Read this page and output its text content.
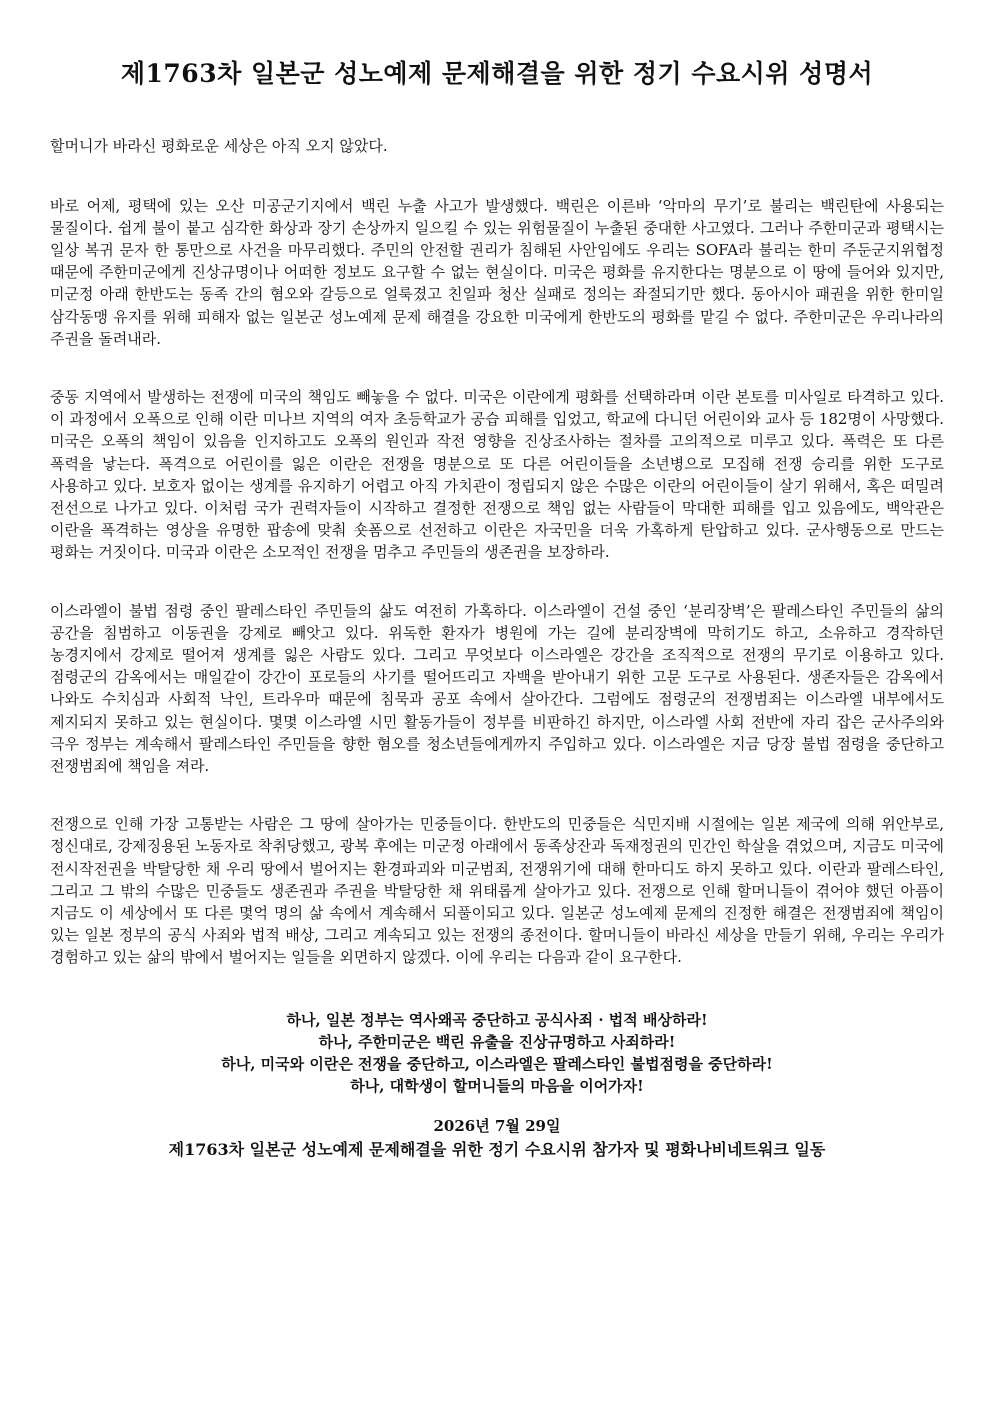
제1763차 일본군 성노예제 문제해결을 위한 정기 수요시위 성명서

할머니가 바라신 평화로운 세상은 아직 오지 않았다.

바로 어제, 평택에 있는 오산 미공군기지에서 백린 누출 사고가 발생했다. 백린은 이른바 ‘악마의 무기’로 불리는 백린탄에 사용되는 물질이다. 쉽게 불이 붙고 심각한 화상과 장기 손상까지 일으킬 수 있는 위험물질이 누출된 중대한 사고였다. 그러나 주한미군과 평택시는 일상 복귀 문자 한 통만으로 사건을 마무리했다. 주민의 안전할 권리가 침해된 사안임에도 우리는 SOFA라 불리는 한미 주둔군지위협정 때문에 주한미군에게 진상규명이나 어떠한 정보도 요구할 수 없는 현실이다. 미국은 평화를 유지한다는 명분으로 이 땅에 들어와 있지만, 미군정 아래 한반도는 동족 간의 혐오와 갈등으로 얼룩졌고 친일파 청산 실패로 정의는 좌절되기만 했다. 동아시아 패권을 위한 한미일 삼각동맹 유지를 위해 피해자 없는 일본군 성노예제 문제 해결을 강요한 미국에게 한반도의 평화를 맡길 수 없다. 주한미군은 우리나라의 주권을 돌려내라.

중동 지역에서 발생하는 전쟁에 미국의 책임도 빼놓을 수 없다. 미국은 이란에게 평화를 선택하라며 이란 본토를 미사일로 타격하고 있다. 이 과정에서 오폭으로 인해 이란 미나브 지역의 여자 초등학교가 공습 피해를 입었고, 학교에 다니던 어린이와 교사 등 182명이 사망했다. 미국은 오폭의 책임이 있음을 인지하고도 오폭의 원인과 작전 영향을 진상조사하는 절차를 고의적으로 미루고 있다. 폭력은 또 다른 폭력을 낳는다. 폭격으로 어린이를 잃은 이란은 전쟁을 명분으로 또 다른 어린이들을 소년병으로 모집해 전쟁 승리를 위한 도구로 사용하고 있다. 보호자 없이는 생계를 유지하기 어렵고 아직 가치관이 정립되지 않은 수많은 이란의 어린이들이 살기 위해서, 혹은 떠밀려 전선으로 나가고 있다. 이처럼 국가 권력자들이 시작하고 결정한 전쟁으로 책임 없는 사람들이 막대한 피해를 입고 있음에도, 백악관은 이란을 폭격하는 영상을 유명한 팝송에 맞춰 숏폼으로 선전하고 이란은 자국민을 더욱 가혹하게 탄압하고 있다. 군사행동으로 만드는 평화는 거짓이다. 미국과 이란은 소모적인 전쟁을 멈추고 주민들의 생존권을 보장하라.

이스라엘이 불법 점령 중인 팔레스타인 주민들의 삶도 여전히 가혹하다. 이스라엘이 건설 중인 ‘분리장벽’은 팔레스타인 주민들의 삶의 공간을 침범하고 이동권을 강제로 빼앗고 있다. 위독한 환자가 병원에 가는 길에 분리장벽에 막히기도 하고, 소유하고 경작하던 농경지에서 강제로 떨어져 생계를 잃은 사람도 있다. 그리고 무엇보다 이스라엘은 강간을 조직적으로 전쟁의 무기로 이용하고 있다. 점령군의 감옥에서는 매일같이 강간이 포로들의 사기를 떨어뜨리고 자백을 받아내기 위한 고문 도구로 사용된다. 생존자들은 감옥에서 나와도 수치심과 사회적 낙인, 트라우마 때문에 침묵과 공포 속에서 살아간다. 그럼에도 점령군의 전쟁범죄는 이스라엘 내부에서도 제지되지 못하고 있는 현실이다. 몇몇 이스라엘 시민 활동가들이 정부를 비판하긴 하지만, 이스라엘 사회 전반에 자리 잡은 군사주의와 극우 정부는 계속해서 팔레스타인 주민들을 향한 혐오를 청소년들에게까지 주입하고 있다. 이스라엘은 지금 당장 불법 점령을 중단하고 전쟁범죄에 책임을 져라.

전쟁으로 인해 가장 고통받는 사람은 그 땅에 살아가는 민중들이다. 한반도의 민중들은 식민지배 시절에는 일본 제국에 의해 위안부로, 정신대로, 강제징용된 노동자로 착취당했고, 광복 후에는 미군정 아래에서 동족상잔과 독재정권의 민간인 학살을 겪었으며, 지금도 미국에 전시작전권을 박탈당한 채 우리 땅에서 벌어지는 환경파괴와 미군범죄, 전쟁위기에 대해 한마디도 하지 못하고 있다. 이란과 팔레스타인, 그리고 그 밖의 수많은 민중들도 생존권과 주권을 박탈당한 채 위태롭게 살아가고 있다. 전쟁으로 인해 할머니들이 겪어야 했던 아픔이 지금도 이 세상에서 또 다른 몇억 명의 삶 속에서 계속해서 되풀이되고 있다. 일본군 성노예제 문제의 진정한 해결은 전쟁범죄에 책임이 있는 일본 정부의 공식 사죄와 법적 배상, 그리고 계속되고 있는 전쟁의 종전이다. 할머니들이 바라신 세상을 만들기 위해, 우리는 우리가 경험하고 있는 삶의 밖에서 벌어지는 일들을 외면하지 않겠다. 이에 우리는 다음과 같이 요구한다.

하나, 일본 정부는 역사왜곡 중단하고 공식사죄 · 법적 배상하라!
하나, 주한미군은 백린 유출을 진상규명하고 사죄하라!
하나, 미국와 이란은 전쟁을 중단하고, 이스라엘은 팔레스타인 불법점령을 중단하라!
하나, 대학생이 할머니들의 마음을 이어가자!
2026년 7월 29일
제1763차 일본군 성노예제 문제해결을 위한 정기 수요시위 참가자 및 평화나비네트워크 일동
